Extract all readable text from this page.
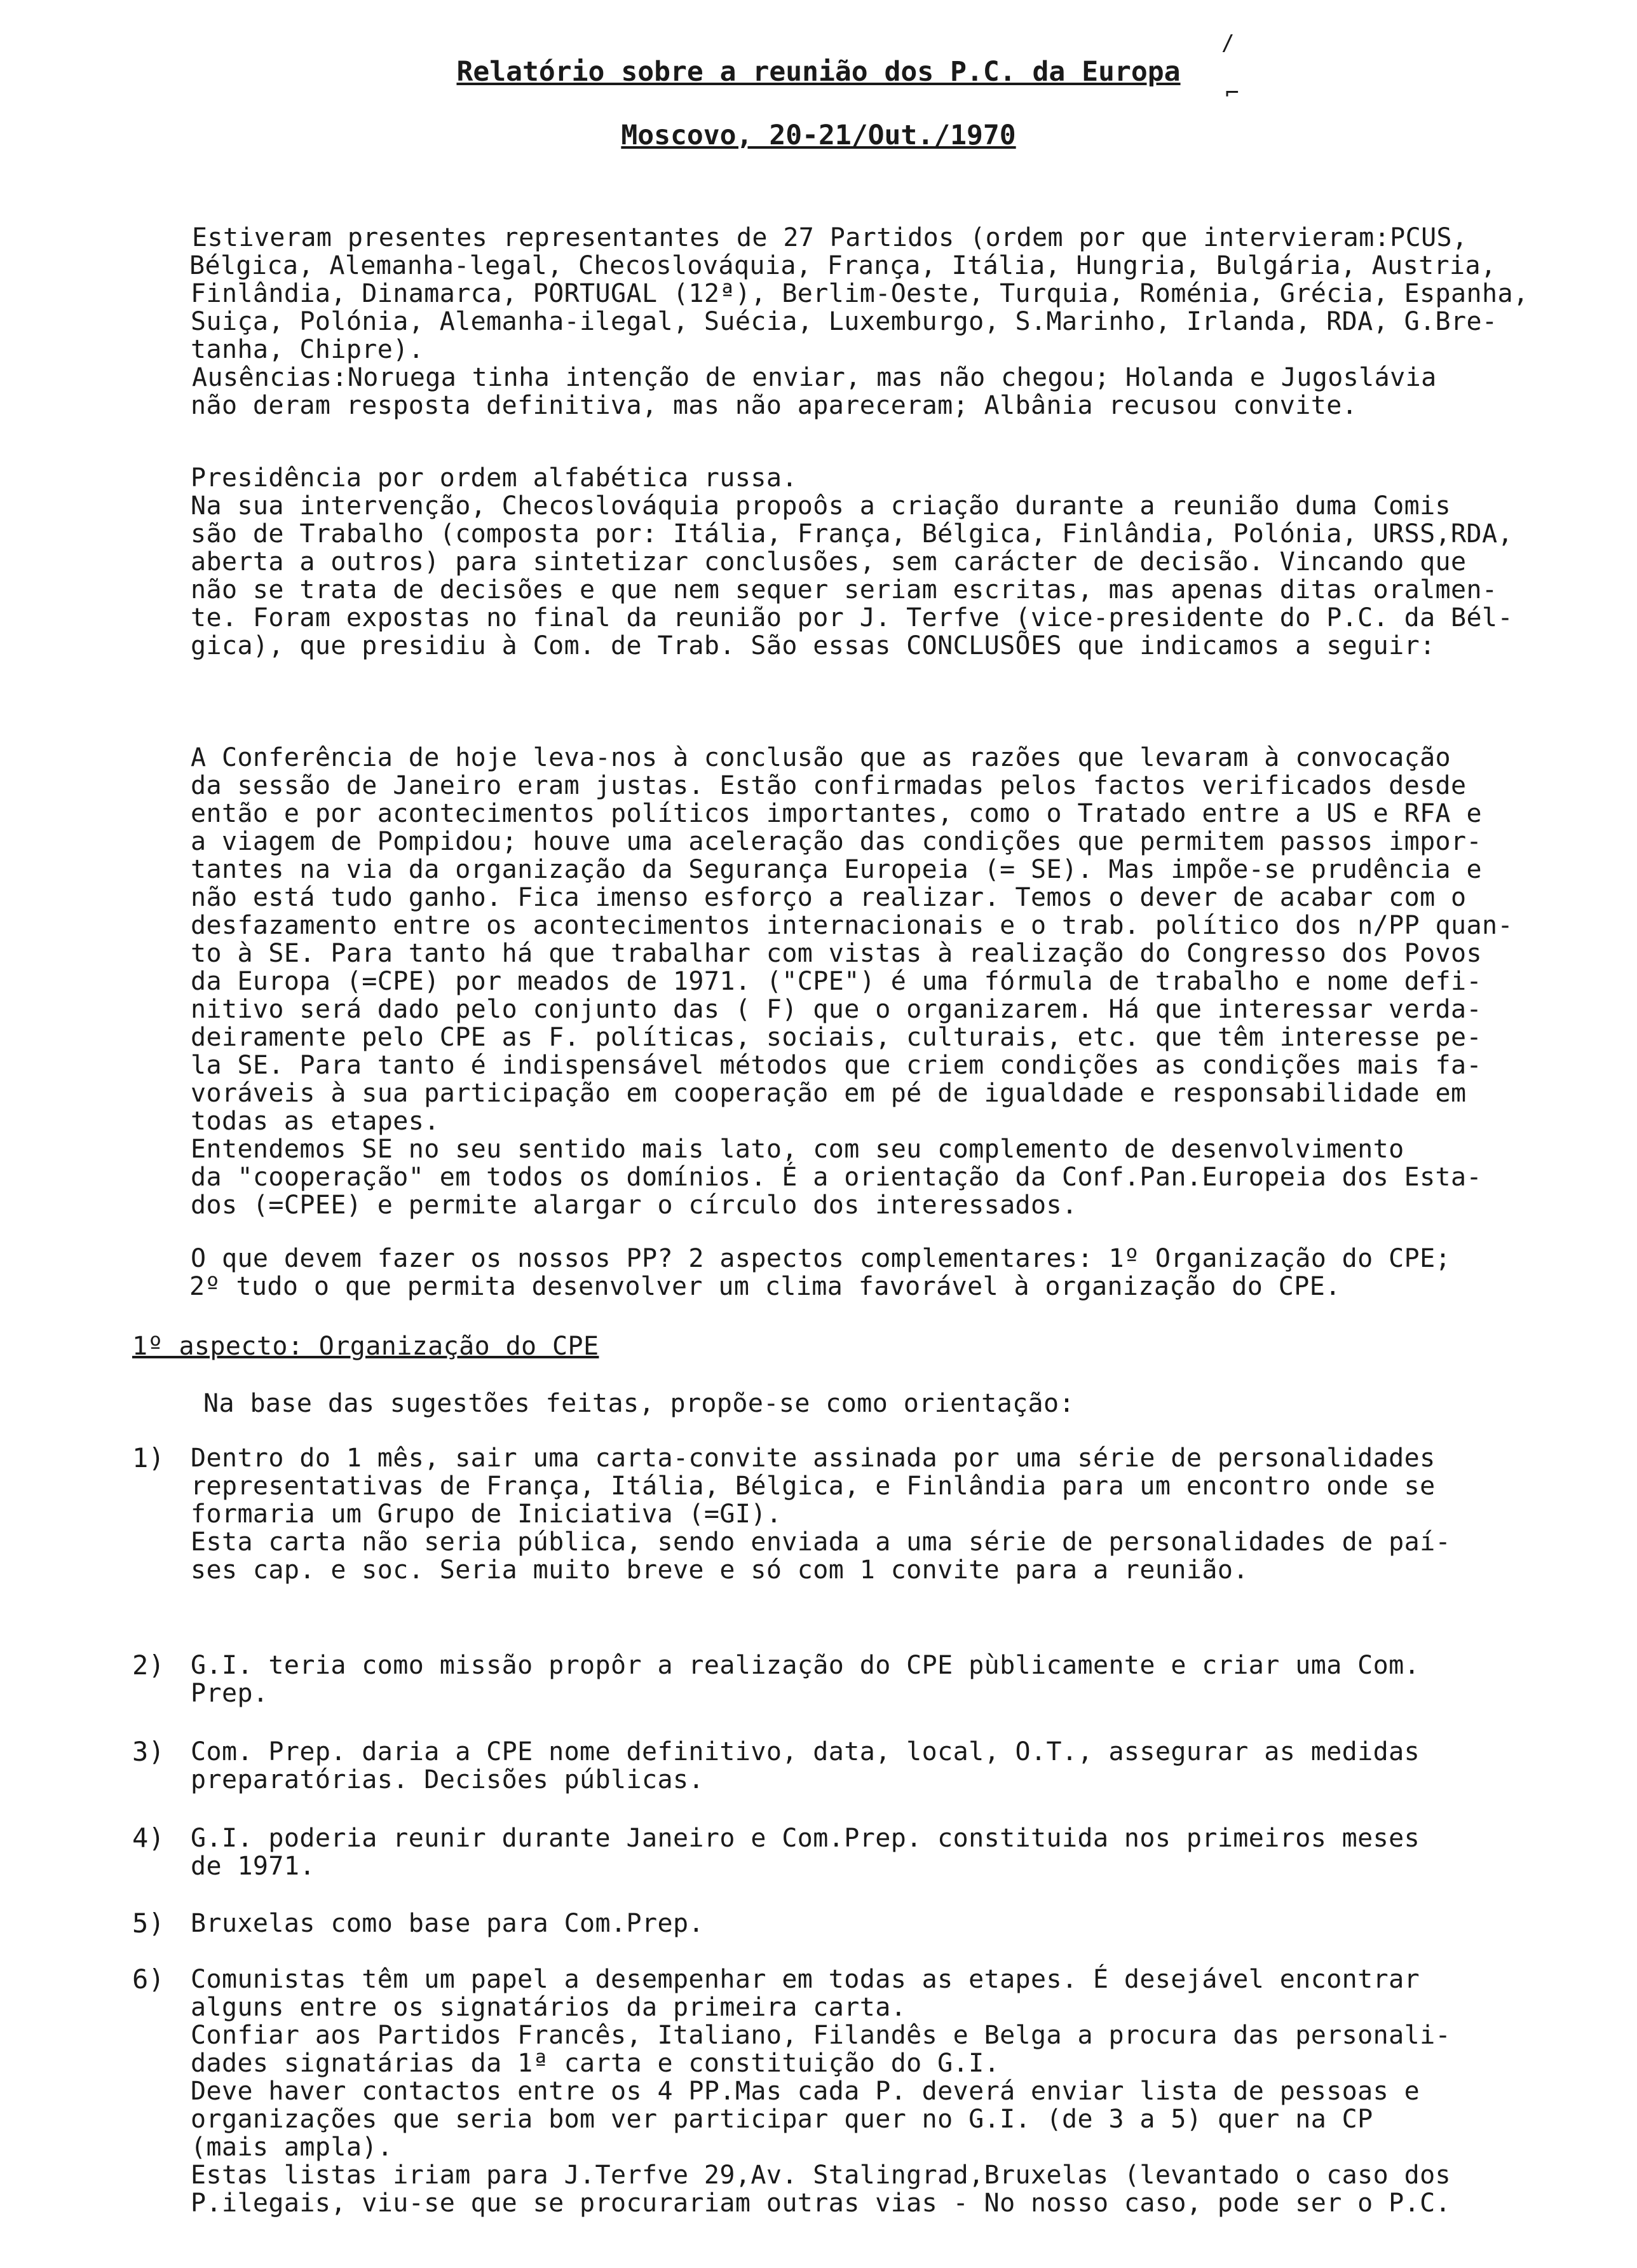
Relatório sobre a reunião dos P.C. da Europa
Moscovo, 20-21/Out./1970
/
⌐
Estiveram presentes representantes de 27 Partidos (ordem por que intervieram:PCUS,
Bélgica, Alemanha-legal, Checoslováquia, França, Itália, Hungria, Bulgária, Austria,
Finlândia, Dinamarca, PORTUGAL (12ª), Berlim-Oeste, Turquia, Roménia, Grécia, Espanha,
Suiça, Polónia, Alemanha-ilegal, Suécia, Luxemburgo, S.Marinho, Irlanda, RDA, G.Bre-
tanha, Chipre).
Ausências:Noruega tinha intenção de enviar, mas não chegou; Holanda e Jugoslávia
não deram resposta definitiva, mas não apareceram; Albânia recusou convite.
Presidência por ordem alfabética russa.
Na sua intervenção, Checoslováquia propoôs a criação durante a reunião duma Comis
são de Trabalho (composta por: Itália, França, Bélgica, Finlândia, Polónia, URSS,RDA,
aberta a outros) para sintetizar conclusões, sem carácter de decisão. Vincando que
não se trata de decisões e que nem sequer seriam escritas, mas apenas ditas oralmen-
te. Foram expostas no final da reunião por J. Terfve (vice-presidente do P.C. da Bél-
gica), que presidiu à Com. de Trab. São essas CONCLUSÕES que indicamos a seguir:
A Conferência de hoje leva-nos à conclusão que as razões que levaram à convocação
da sessão de Janeiro eram justas. Estão confirmadas pelos factos verificados desde
então e por acontecimentos políticos importantes, como o Tratado entre a US e RFA e
a viagem de Pompidou; houve uma aceleração das condições que permitem passos impor-
tantes na via da organização da Segurança Europeia (= SE). Mas impõe-se prudência e
não está tudo ganho. Fica imenso esforço a realizar. Temos o dever de acabar com o
desfazamento entre os acontecimentos internacionais e o trab. político dos n/PP quan-
to à SE. Para tanto há que trabalhar com vistas à realização do Congresso dos Povos
da Europa (=CPE) por meados de 1971. ("CPE") é uma fórmula de trabalho e nome defi-
nitivo será dado pelo conjunto das ( F) que o organizarem. Há que interessar verda-
deiramente pelo CPE as F. políticas, sociais, culturais, etc. que têm interesse pe-
la SE. Para tanto é indispensável métodos que criem condições as condições mais fa-
voráveis à sua participação em cooperação em pé de igualdade e responsabilidade em
todas as etapes.
Entendemos SE no seu sentido mais lato, com seu complemento de desenvolvimento
da "cooperação" em todos os domínios. É a orientação da Conf.Pan.Europeia dos Esta-
dos (=CPEE) e permite alargar o círculo dos interessados.
O que devem fazer os nossos PP? 2 aspectos complementares: 1º Organização do CPE;
2º tudo o que permita desenvolver um clima favorável à organização do CPE.
1º aspecto: Organização do CPE
Na base das sugestões feitas, propõe-se como orientação:
1) Dentro do 1 mês, sair uma carta-convite assinada por uma série de personalidades
representativas de França, Itália, Bélgica, e Finlândia para um encontro onde se
formaria um Grupo de Iniciativa (=GI).
Esta carta não seria pública, sendo enviada a uma série de personalidades de paí-
ses cap. e soc. Seria muito breve e só com 1 convite para a reunião.
2) G.I. teria como missão propôr a realização do CPE pùblicamente e criar uma Com.
Prep.
3) Com. Prep. daria a CPE nome definitivo, data, local, O.T., assegurar as medidas
preparatórias. Decisões públicas.
4) G.I. poderia reunir durante Janeiro e Com.Prep. constituida nos primeiros meses
de 1971.
5) Bruxelas como base para Com.Prep.
6) Comunistas têm um papel a desempenhar em todas as etapes. É desejável encontrar
alguns entre os signatários da primeira carta.
Confiar aos Partidos Francês, Italiano, Filandês e Belga a procura das personali-
dades signatárias da 1ª carta e constituição do G.I.
Deve haver contactos entre os 4 PP.Mas cada P. deverá enviar lista de pessoas e
organizações que seria bom ver participar quer no G.I. (de 3 a 5) quer na CP
(mais ampla).
Estas listas iriam para J.Terfve 29,Av. Stalingrad,Bruxelas (levantado o caso dos
P.ilegais, viu-se que se procurariam outras vias - No nosso caso, pode ser o P.C.
